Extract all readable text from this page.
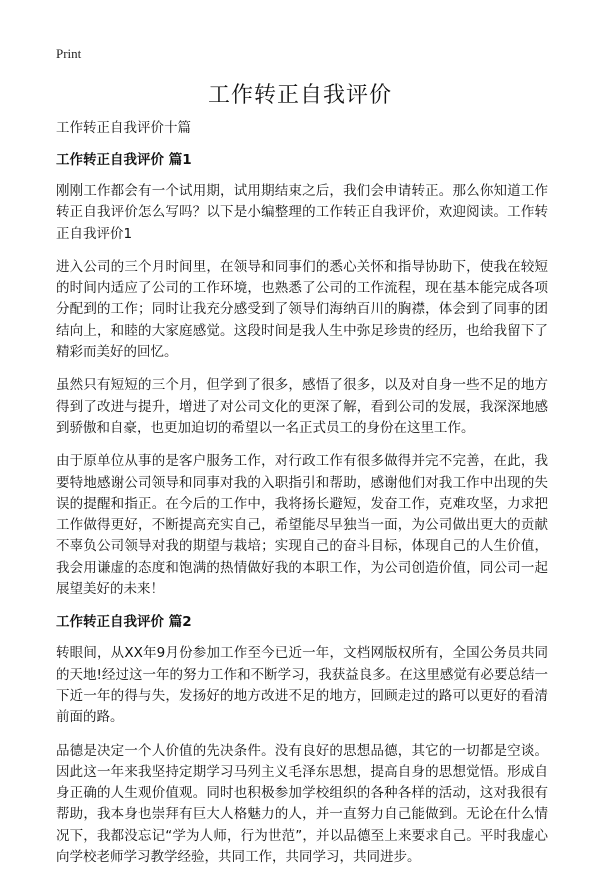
Print
工作转正自我评价

工作转正自我评价十篇

工作转正自我评价 篇1

刚刚工作都会有一个试用期，试用期结束之后，我们会申请转正。那么你知道工作转正自我评价怎么写吗？以下是小编整理的工作转正自我评价，欢迎阅读。工作转正自我评价1

进入公司的三个月时间里，在领导和同事们的悉心关怀和指导协助下，使我在较短的时间内适应了公司的工作环境，也熟悉了公司的工作流程，现在基本能完成各项分配到的工作；同时让我充分感受到了领导们海纳百川的胸襟，体会到了同事的团结向上，和睦的大家庭感觉。这段时间是我人生中弥足珍贵的经历，也给我留下了精彩而美好的回忆。

虽然只有短短的三个月，但学到了很多，感悟了很多，以及对自身一些不足的地方得到了改进与提升，增进了对公司文化的更深了解，看到公司的发展，我深深地感到骄傲和自豪，也更加迫切的希望以一名正式员工的身份在这里工作。

由于原单位从事的是客户服务工作，对行政工作有很多做得并完不完善，在此，我要特地感谢公司领导和同事对我的入职指引和帮助，感谢他们对我工作中出现的失误的提醒和指正。在今后的工作中，我将扬长避短，发奋工作，克难攻坚，力求把工作做得更好，不断提高充实自己，希望能尽早独当一面，为公司做出更大的贡献不辜负公司领导对我的期望与栽培；实现自己的奋斗目标，体现自己的人生价值，我会用谦虚的态度和饱满的热情做好我的本职工作，为公司创造价值，同公司一起展望美好的未来！

工作转正自我评价 篇2

转眼间，从XX年9月份参加工作至今已近一年，文档网版权所有，全国公务员共同的天地!经过这一年的努力工作和不断学习，我获益良多。在这里感觉有必要总结一下近一年的得与失，发扬好的地方改进不足的地方，回顾走过的路可以更好的看清前面的路。

品德是决定一个人价值的先决条件。没有良好的思想品德，其它的一切都是空谈。因此这一年来我坚持定期学习马列主义毛泽东思想，提高自身的思想觉悟。形成自身正确的人生观价值观。同时也积极参加学校组织的各种各样的活动，这对我很有帮助，我本身也崇拜有巨大人格魅力的人，并一直努力自己能做到。无论在什么情况下，我都没忘记“学为人师，行为世范”，并以品德至上来要求自己。平时我虚心向学校老师学习教学经验，共同工作，共同学习，共同进步。
